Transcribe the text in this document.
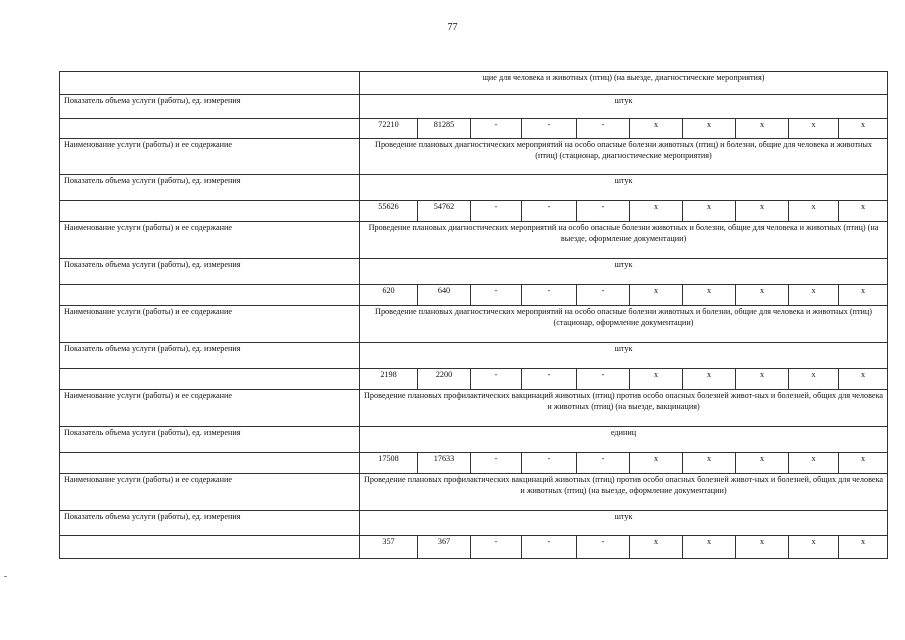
77
	щие для человека и животных (птиц) (на выезде, диагностические мероприятия)									
Показатель объема услуги (работы), ед. измерения	штук									
	72210	81285	-	-	-	х	х	х	х	х
Наименование услуги (работы) и ее содержание	Проведение плановых диагностических мероприятий на особо опасные болезни животных (птиц) и болезни, общие для человека и животных (птиц) (стационар, диагностические мероприятия)									
Показатель объема услуги (работы), ед. измерения	штук									
	55626	54762	-	-	-	х	х	х	х	х
Наименование услуги (работы) и ее содержание	Проведение плановых диагностических мероприятий на особо опасные болезни животных и болезни, общие для человека и животных (птиц) (на выезде, оформление документации)									
Показатель объема услуги (работы), ед. измерения	штук									
	620	640	-	-	-	х	х	х	х	х
Наименование услуги (работы) и ее содержание	Проведение плановых диагностических мероприятий на особо опасные болезни животных и болезни, общие для человека и животных (птиц) (стационар, оформление документации)									
Показатель объема услуги (работы), ед. измерения	штук									
	2198	2200	-	-	-	х	х	х	х	х
Наименование услуги (работы) и ее содержание	Проведение плановых профилактических вакцинаций животных (птиц) против особо опасных болезней живот-ных и болезней, общих для человека и животных (птиц) (на выезде, вакцинация)									
Показатель объема услуги (работы), ед. измерения	единиц									
	17508	17633	-	-	-	х	х	х	х	х
Наименование услуги (работы) и ее содержание	Проведение плановых профилактических вакцинаций животных (птиц) против особо опасных болезней живот-ных и болезней, общих для человека и животных (птиц) (на выезде, оформление документации)									
Показатель объема услуги (работы), ед. измерения	штук									
	357	367	-	-	-	х	х	х	х	х
